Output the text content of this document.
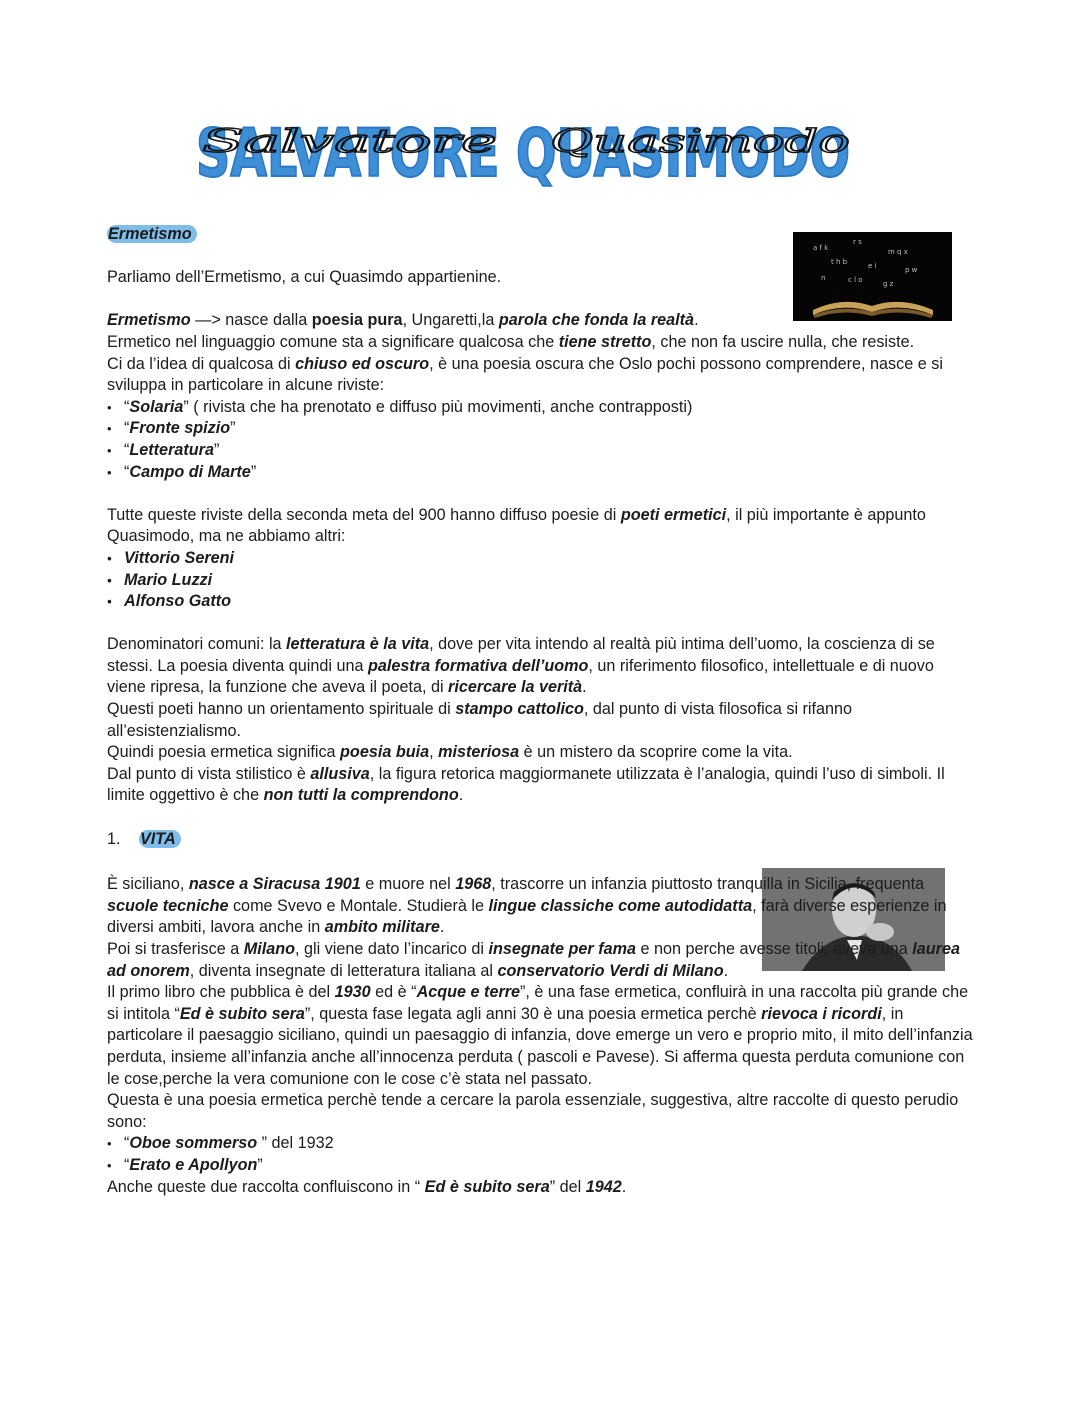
SALVATORE QUASIMODO
Salvatore Quasimodo
a f k
r s
m q x
t h b	e i	p w
c l o	g z
n

Ermetismo

Parliamo dell’Ermetismo, a cui Quasimdo appartienine.

Ermetismo —> nasce dalla poesia pura, Ungaretti,la parola che fonda la realtà.

Ermetico nel linguaggio comune sta a significare qualcosa che tiene stretto, che non fa uscire nulla, che resiste.

Ci da l’idea di qualcosa di chiuso ed oscuro, è una poesia oscura che Oslo pochi possono comprendere, nasce e si sviluppa in particolare in alcune riviste:

• “Solaria” ( rivista che ha prenotato e diffuso più movimenti, anche contrapposti)
• “Fronte spizio”
• “Letteratura”
• “Campo di Marte”

Tutte queste riviste della seconda meta del 900 hanno diffuso poesie di poeti ermetici, il più importante è appunto Quasimodo, ma ne abbiamo altri:

• Vittorio Sereni
• Mario Luzzi
• Alfonso Gatto

Denominatori comuni: la letteratura è la vita, dove per vita intendo al realtà più intima dell’uomo, la coscienza di se stessi. La poesia diventa quindi una palestra formativa dell’uomo, un riferimento filosofico, intellettuale e di nuovo viene ripresa, la funzione che aveva il poeta, di ricercare la verità.

Questi poeti hanno un orientamento spirituale di stampo cattolico, dal punto di vista filosofica si rifanno all’esistenzialismo.

Quindi poesia ermetica significa poesia buia, misteriosa è un mistero da scoprire come la vita.

Dal punto di vista stilistico è allusiva, la figura retorica maggiormanete utilizzata è l’analogia, quindi l’uso di simboli. Il limite oggettivo è che non tutti la comprendono.

1. VITA

È siciliano, nasce a Siracusa 1901 e muore nel 1968, trascorre un infanzia piuttosto tranquilla in Sicilia, frequenta scuole tecniche come Svevo e Montale. Studierà le lingue classiche come autodidatta, farà diverse esperienze in diversi ambiti, lavora anche in ambito militare.

Poi si trasferisce a Milano, gli viene dato l’incarico di insegnate per fama e non perche avesse titoli, aveva una laurea ad onorem, diventa insegnate di letteratura italiana al conservatorio Verdi di Milano.

Il primo libro che pubblica è del 1930 ed è “Acque e terre”, è una fase ermetica, confluirà in una raccolta più grande che si intitola “Ed è subito sera”, questa fase legata agli anni 30 è una poesia ermetica perchè rievoca i ricordi, in particolare il paesaggio siciliano, quindi un paesaggio di infanzia, dove emerge un vero e proprio mito, il mito dell’infanzia perduta, insieme all’infanzia anche all’innocenza perduta ( pascoli e Pavese). Si afferma questa perduta comunione con le cose,perche la vera comunione con le cose c’è stata nel passato.

Questa è una poesia ermetica perchè tende a cercare la parola essenziale, suggestiva, altre raccolte di questo perudio sono:

• “Oboe sommerso ” del 1932
• “Erato e Apollyon”

Anche queste due raccolta confluiscono in “ Ed è subito sera” del 1942.
